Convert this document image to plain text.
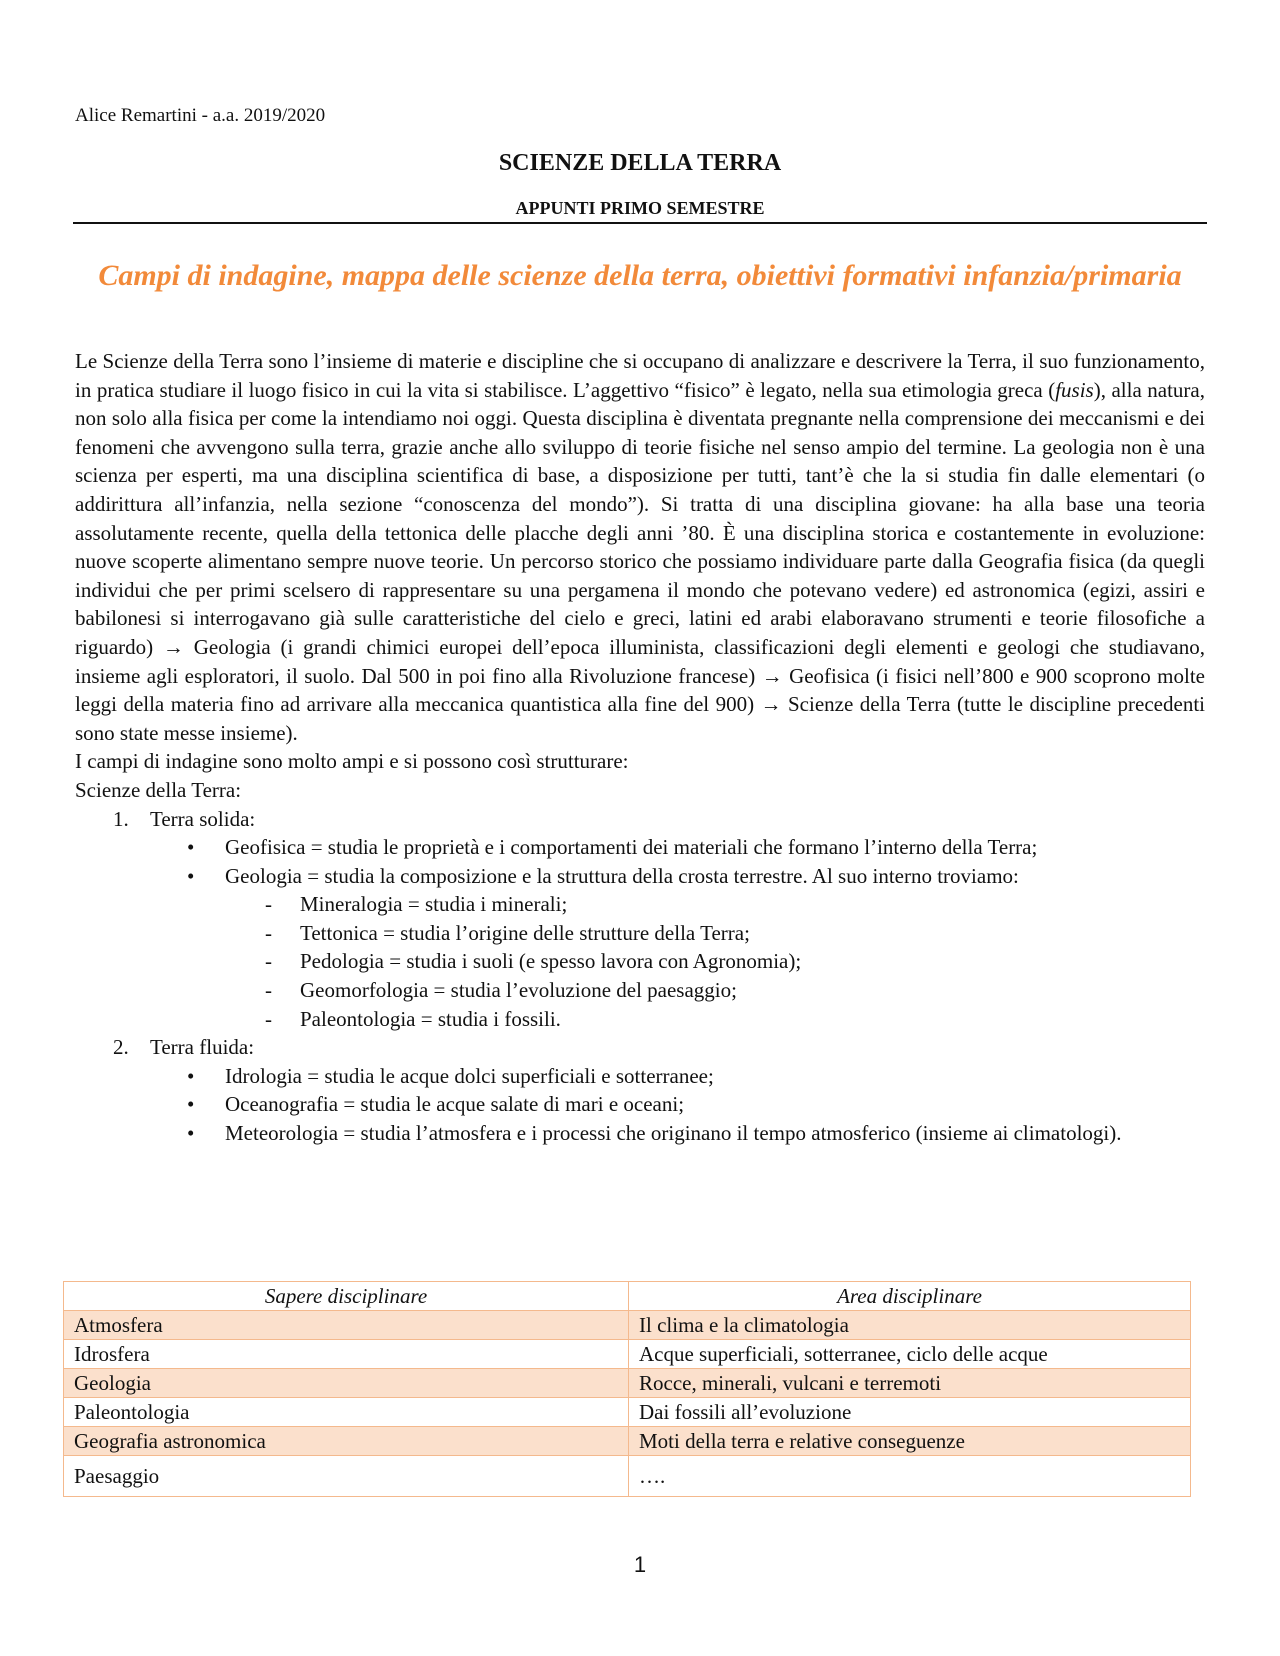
Alice Remartini - a.a. 2019/2020
SCIENZE DELLA TERRA
APPUNTI PRIMO SEMESTRE
Campi di indagine, mappa delle scienze della terra, obiettivi formativi infanzia/primaria

Le Scienze della Terra sono l’insieme di materie e discipline che si occupano di analizzare e descrivere la Terra, il suo funzionamento, in pratica studiare il luogo fisico in cui la vita si stabilisce. L’aggettivo “fisico” è legato, nella sua etimologia greca (fusis), alla natura, non solo alla fisica per come la intendiamo noi oggi. Questa disciplina è diventata pregnante nella comprensione dei meccanismi e dei fenomeni che avvengono sulla terra, grazie anche allo sviluppo di teorie fisiche nel senso ampio del termine. La geologia non è una scienza per esperti, ma una disciplina scientifica di base, a disposizione per tutti, tant’è che la si studia fin dalle elementari (o addirittura all’infanzia, nella sezione “conoscenza del mondo”). Si tratta di una disciplina giovane: ha alla base una teoria assolutamente recente, quella della tettonica delle placche degli anni ’80. È una disciplina storica e costantemente in evoluzione: nuove scoperte alimentano sempre nuove teorie. Un percorso storico che possiamo individuare parte dalla Geografia fisica (da quegli individui che per primi scelsero di rappresentare su una pergamena il mondo che potevano vedere) ed astronomica (egizi, assiri e babilonesi si interrogavano già sulle caratteristiche del cielo e greci, latini ed arabi elaboravano strumenti e teorie filosofiche a riguardo) → Geologia (i grandi chimici europei dell’epoca illuminista, classificazioni degli elementi e geologi che studiavano, insieme agli esploratori, il suolo. Dal 500 in poi fino alla Rivoluzione francese) → Geofisica (i fisici nell’800 e 900 scoprono molte leggi della materia fino ad arrivare alla meccanica quantistica alla fine del 900) → Scienze della Terra (tutte le discipline precedenti sono state messe insieme).

I campi di indagine sono molto ampi e si possono così strutturare:

Scienze della Terra:

1. Terra solida:
• Geofisica = studia le proprietà e i comportamenti dei materiali che formano l’interno della Terra;
• Geologia = studia la composizione e la struttura della crosta terrestre. Al suo interno troviamo:
- Mineralogia = studia i minerali;
- Tettonica = studia l’origine delle strutture della Terra;
- Pedologia = studia i suoli (e spesso lavora con Agronomia);
- Geomorfologia = studia l’evoluzione del paesaggio;
- Paleontologia = studia i fossili.
2. Terra fluida:
• Idrologia = studia le acque dolci superficiali e sotterranee;
• Oceanografia = studia le acque salate di mari e oceani;
• Meteorologia = studia l’atmosfera e i processi che originano il tempo atmosferico (insieme ai climatologi).
Sapere disciplinare	Area disciplinare
Atmosfera	Il clima e la climatologia
Idrosfera	Acque superficiali, sotterranee, ciclo delle acque
Geologia	Rocce, minerali, vulcani e terremoti
Paleontologia	Dai fossili all’evoluzione
Geografia astronomica	Moti della terra e relative conseguenze
Paesaggio	….
1
